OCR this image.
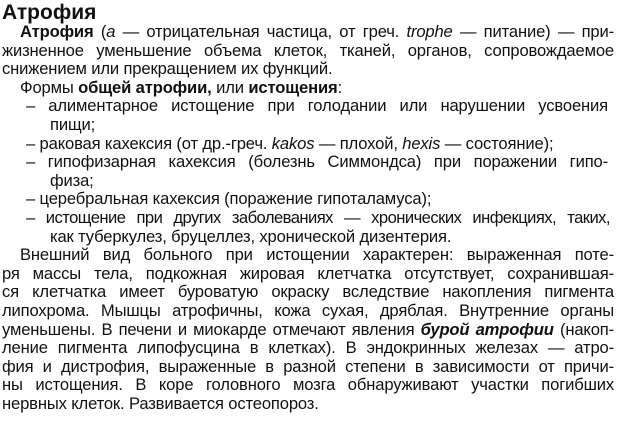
Атрофия
Атрофия (a — отрицательная частица, от греч. trophe — питание) — при-
жизненное уменьшение объема клеток, тканей, органов, сопровождаемое
снижением или прекращением их функций.
Формы общей атрофии, или истощения:
– алиментарное истощение при голодании или нарушении усвоения
пищи;
– раковая кахексия (от др.-греч. kakos — плохой, hexis — состояние);
– гипофизарная кахексия (болезнь Симмондса) при поражении гипо-
физа;
– церебральная кахексия (поражение гипоталамуса);
– истощение при других заболеваниях — хронических инфекциях, таких,
как туберкулез, бруцеллез, хронической дизентерия.
Внешний вид больного при истощении характерен: выраженная поте-
ря массы тела, подкожная жировая клетчатка отсутствует, сохранившая-
ся клетчатка имеет буроватую окраску вследствие накопления пигмента
липохрома. Мышцы атрофичны, кожа сухая, дряблая. Внутренние органы
уменьшены. В печени и миокарде отмечают явления бурой атрофии (накоп-
ление пигмента липофусцина в клетках). В эндокринных железах — атро-
фия и дистрофия, выраженные в разной степени в зависимости от причи-
ны истощения. В коре головного мозга обнаруживают участки погибших
нервных клеток. Развивается остеопороз.
